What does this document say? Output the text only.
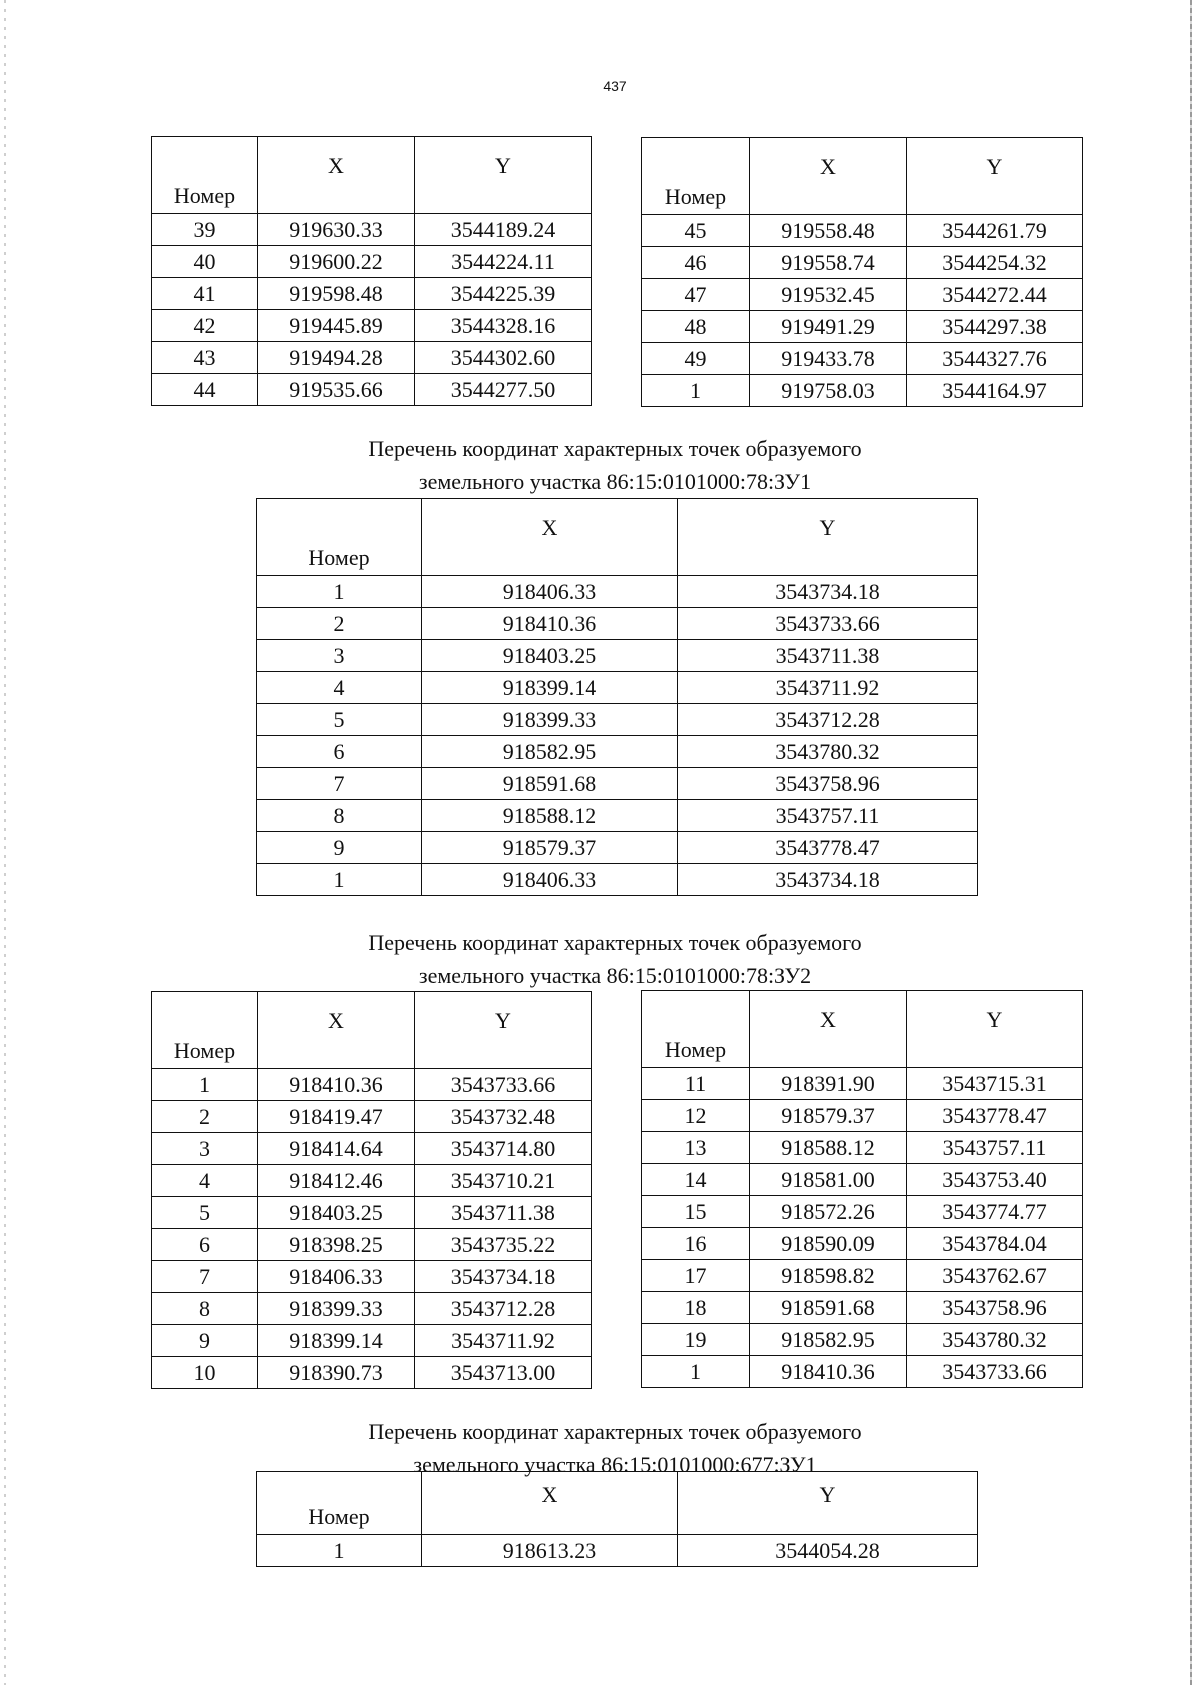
437
Номер	X	Y
39	919630.33	3544189.24
40	919600.22	3544224.11
41	919598.48	3544225.39
42	919445.89	3544328.16
43	919494.28	3544302.60
44	919535.66	3544277.50
Номер	X	Y
45	919558.48	3544261.79
46	919558.74	3544254.32
47	919532.45	3544272.44
48	919491.29	3544297.38
49	919433.78	3544327.76
1	919758.03	3544164.97
Перечень координат характерных точек образуемого
земельного участка 86:15:0101000:78:ЗУ1
Номер	X	Y
1	918406.33	3543734.18
2	918410.36	3543733.66
3	918403.25	3543711.38
4	918399.14	3543711.92
5	918399.33	3543712.28
6	918582.95	3543780.32
7	918591.68	3543758.96
8	918588.12	3543757.11
9	918579.37	3543778.47
1	918406.33	3543734.18
Перечень координат характерных точек образуемого
земельного участка 86:15:0101000:78:ЗУ2
Номер	X	Y
1	918410.36	3543733.66
2	918419.47	3543732.48
3	918414.64	3543714.80
4	918412.46	3543710.21
5	918403.25	3543711.38
6	918398.25	3543735.22
7	918406.33	3543734.18
8	918399.33	3543712.28
9	918399.14	3543711.92
10	918390.73	3543713.00
Номер	X	Y
11	918391.90	3543715.31
12	918579.37	3543778.47
13	918588.12	3543757.11
14	918581.00	3543753.40
15	918572.26	3543774.77
16	918590.09	3543784.04
17	918598.82	3543762.67
18	918591.68	3543758.96
19	918582.95	3543780.32
1	918410.36	3543733.66
Перечень координат характерных точек образуемого
земельного участка 86:15:0101000:677:ЗУ1
Номер	X	Y
1	918613.23	3544054.28
